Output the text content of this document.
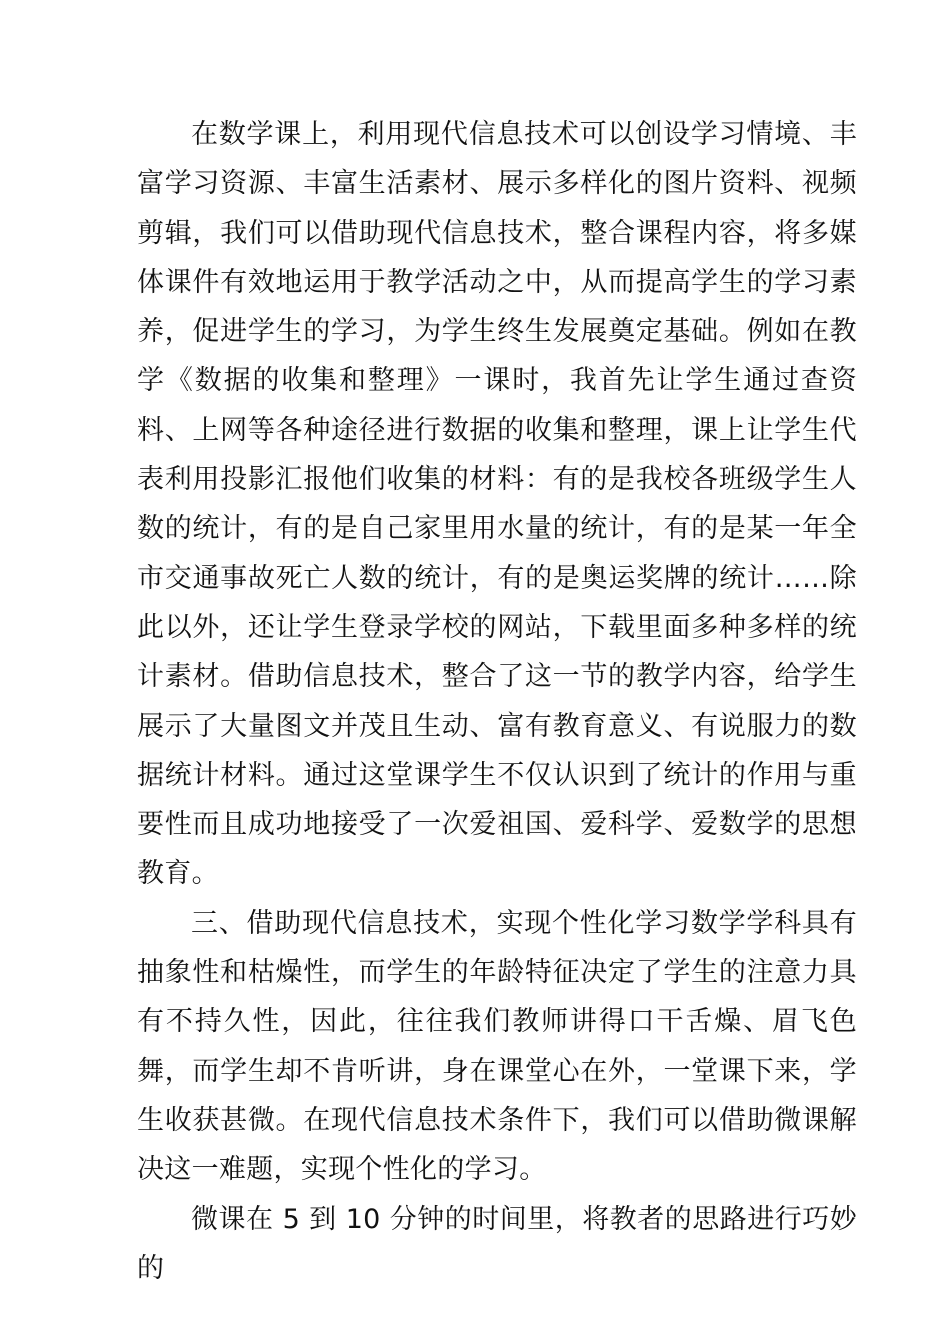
在数学课上，利用现代信息技术可以创设学习情境、丰富学习资源、丰富生活素材、展示多样化的图片资料、视频剪辑，我们可以借助现代信息技术，整合课程内容，将多媒体课件有效地运用于教学活动之中，从而提高学生的学习素养，促进学生的学习，为学生终生发展奠定基础。例如在教学《数据的收集和整理》一课时，我首先让学生通过查资料、上网等各种途径进行数据的收集和整理，课上让学生代表利用投影汇报他们收集的材料：有的是我校各班级学生人数的统计，有的是自己家里用水量的统计，有的是某一年全市交通事故死亡人数的统计，有的是奥运奖牌的统计……除此以外，还让学生登录学校的网站，下载里面多种多样的统计素材。借助信息技术，整合了这一节的教学内容，给学生展示了大量图文并茂且生动、富有教育意义、有说服力的数据统计材料。通过这堂课学生不仅认识到了统计的作用与重要性而且成功地接受了一次爱祖国、爱科学、爱数学的思想教育。

三、借助现代信息技术，实现个性化学习数学学科具有抽象性和枯燥性，而学生的年龄特征决定了学生的注意力具有不持久性，因此，往往我们教师讲得口干舌燥、眉飞色舞，而学生却不肯听讲，身在课堂心在外，一堂课下来，学生收获甚微。在现代信息技术条件下，我们可以借助微课解决这一难题，实现个性化的学习。

微课在 5 到 10 分钟的时间里，将教者的思路进行巧妙的
